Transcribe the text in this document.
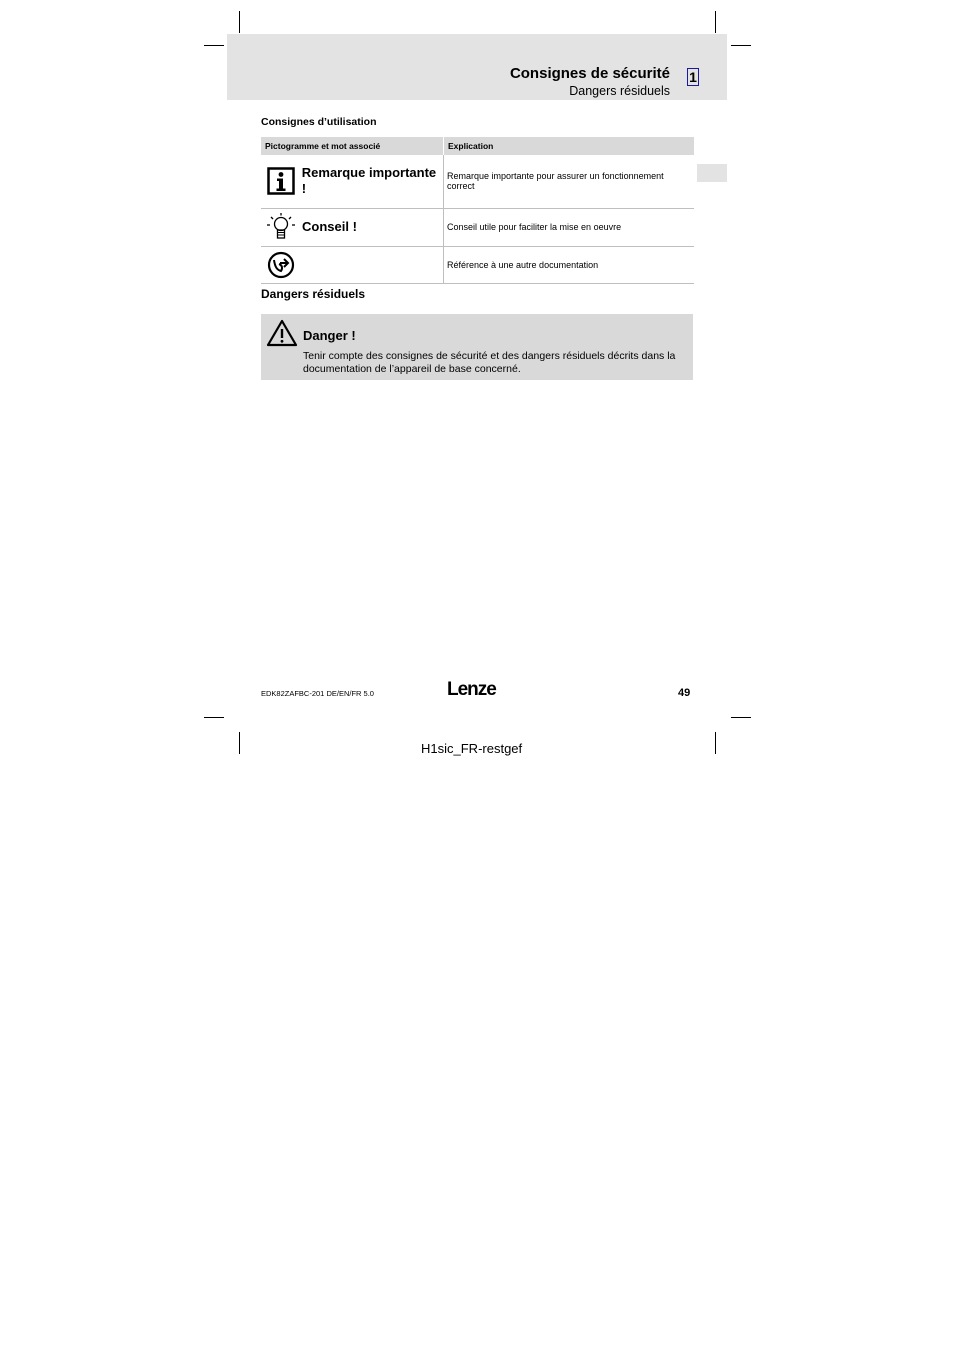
Consignes de sécurité
Dangers résiduels
1
Consignes d’utilisation
Pictogramme et mot associé	Explication

Remarque importante !	Remarque importante pour assurer un fonctionnement correct

Conseil !	Conseil utile pour faciliter la mise en oeuvre

	Référence à une autre documentation
Dangers résiduels
Danger !
Tenir compte des consignes de sécurité et des dangers résiduels décrits dans la documentation de l’appareil de base concerné.
EDK82ZAFBC-201 DE/EN/FR 5.0	Lenze	49
H1sic_FR-restgef
